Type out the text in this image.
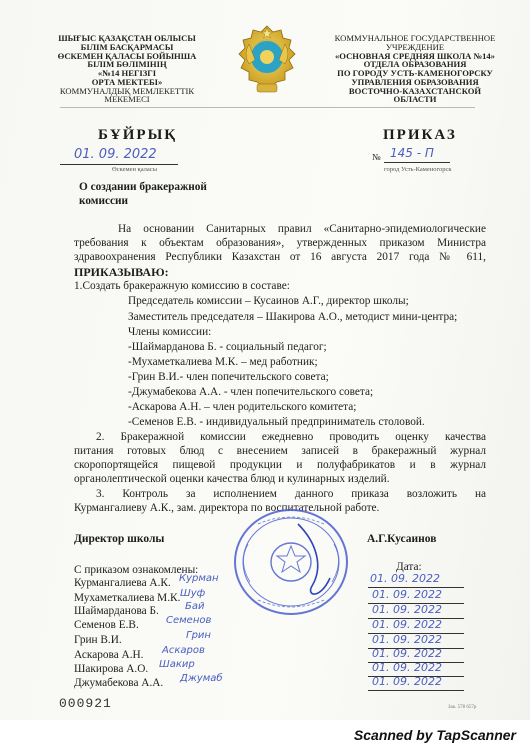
ШЫҒЫС ҚАЗАҚСТАН ОБЛЫСЫ
БІЛІМ БАСҚАРМАСЫ
ӨСКЕМЕН ҚАЛАСЫ БОЙЫНША
БІЛІМ БӨЛІМІНІҢ
«№14 НЕГІЗГІ
ОРТА МЕКТЕБІ»
КОММУНАЛДЫҚ МЕМЛЕКЕТТІК
МЕКЕМЕСІ
КОММУНАЛЬНОЕ ГОСУДАРСТВЕННОЕ
УЧРЕЖДЕНИЕ
«ОСНОВНАЯ СРЕДНЯЯ ШКОЛА №14»
ОТДЕЛА ОБРАЗОВАНИЯ
ПО ГОРОДУ УСТЬ-КАМЕНОГОРСКУ
УПРАВЛЕНИЯ ОБРАЗОВАНИЯ
ВОСТОЧНО-КАЗАХСТАНСКОЙ
ОБЛАСТИ
БҰЙРЫҚ	ПРИКАЗ
01. 09. 2022
Өскемен қаласы
№ 145 - П
город Усть-Каменогорск
О создании бракеражной
комиссии
На основании Санитарных правил «Санитарно-эпидемиологические
требования к объектам образования», утвержденных приказом Министра
здравоохранения Республики Казахстан от 16 августа 2017 года № 611,
ПРИКАЗЫВАЮ:
1.Создать бракеражную комиссию в составе:
Председатель комиссии – Кусаинов А.Г., директор школы;
Заместитель председателя – Шакирова А.О., методист мини-центра;
Члены комиссии:
-Шаймарданова Б. - социальный педагог;
-Мухаметкалиева М.К. – мед работник;
-Грин В.И.- член попечительского совета;
-Джумабекова А.А. - член попечительского совета;
-Аскарова А.Н. – член родительского комитета;
-Семенов Е.В. - индивидуальный предприниматель столовой.
2. Бракеражной комиссии ежедневно проводить оценку качества
питания готовых блюд с внесением записей в бракеражный журнал
скоропортящейся пищевой продукции и полуфабрикатов и в журнал
органолептической оценки качества блюд и кулинарных изделий.
3. Контроль за исполнением данного приказа возложить на
Курмангалиеву А.К., зам. директора по воспитательной работе.
Директор школы	А.Г.Кусаинов
С приказом ознакомлены:	Дата:
Курмангалиева А.К. Курман	01. 09. 2022
Мухаметкалиева М.К. Шуф	01. 09. 2022
Шаймарданова Б.	Бай	01. 09. 2022
Семенов Е.В.	Семенов	01. 09. 2022
Грин В.И.	Грин	01. 09. 2022
Аскарова А.Н. Аскаров	01. 09. 2022
Шакирова А.О. Шакир	01. 09. 2022
Джумабекова А.А. Джумаб	01. 09. 2022
000921	Зак. 578 657р
Scanned by TapScanner
